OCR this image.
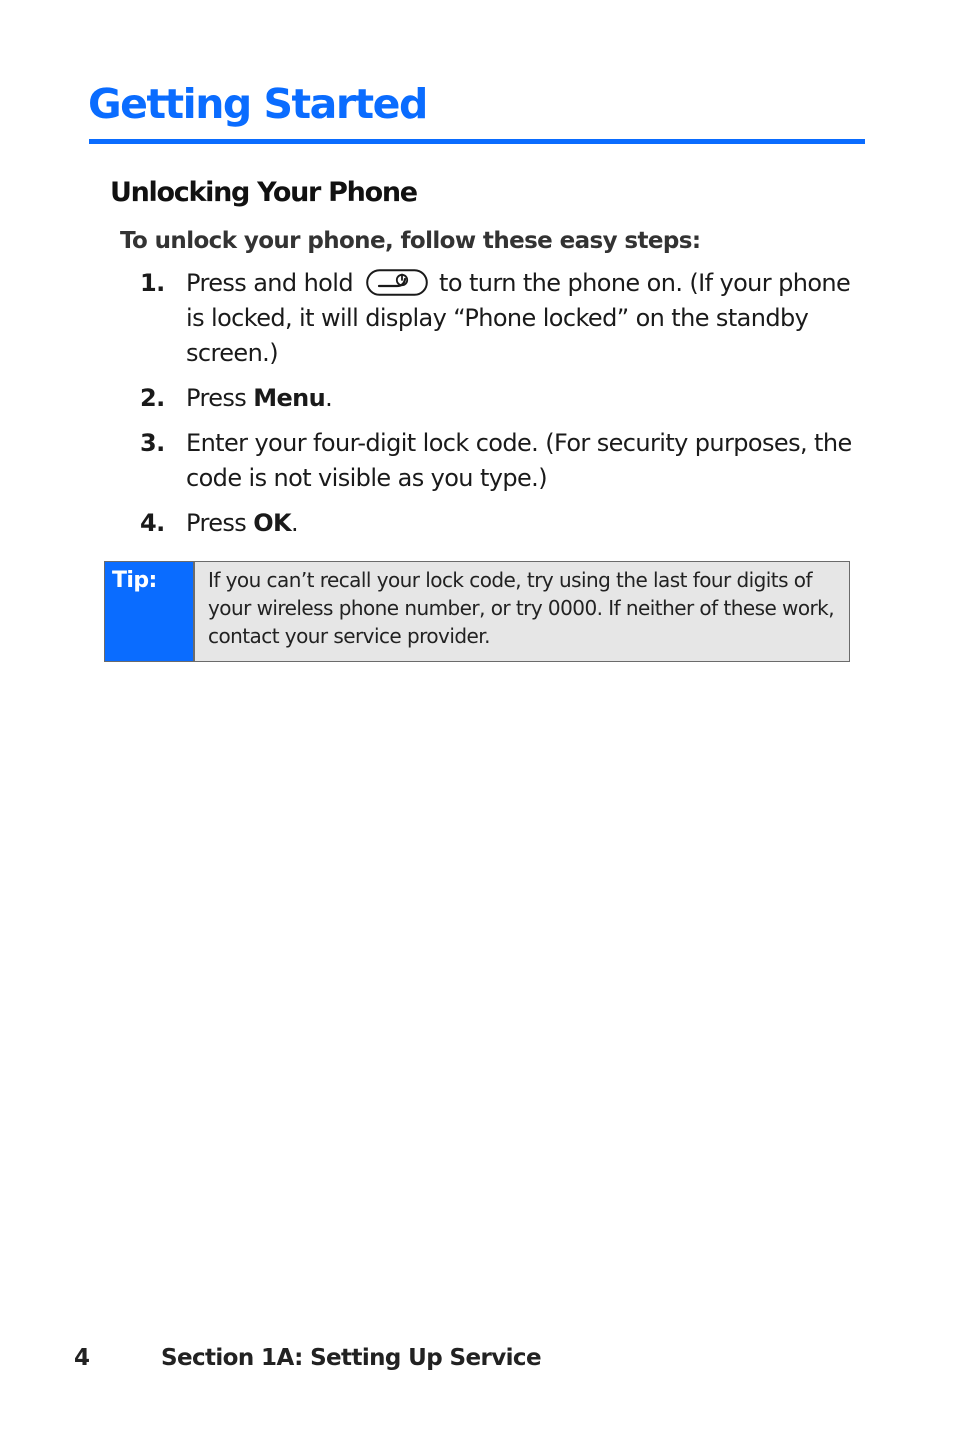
Getting Started
Unlocking Your Phone

To unlock your phone, follow these easy steps:

1. Press and hold	to turn the phone on. (If your phone is locked, it will display “Phone locked” on the standby screen.)
2. Press Menu.
3. Enter your four-digit lock code. (For security purposes, the code is not visible as you type.)
4. Press OK.
Tip:	If you can’t recall your lock code, try using the last four digits of your wireless phone number, or try 0000. If neither of these work, contact your service provider.

4	Section 1A: Setting Up Service
